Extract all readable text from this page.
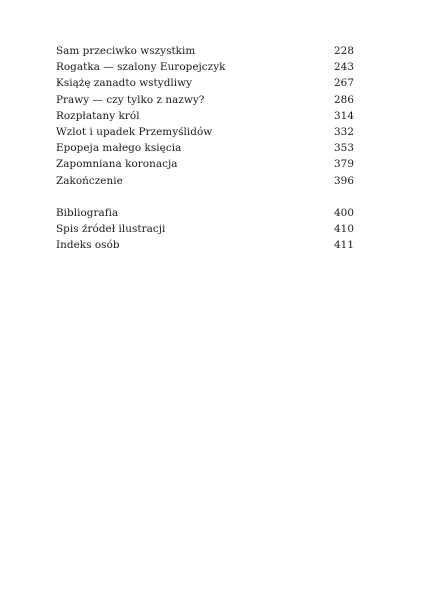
Sam przeciwko wszystkim	228
Rogatka — szalony Europejczyk	243
Książę zanadto wstydliwy	267
Prawy — czy tylko z nazwy?	286
Rozpłatany król	314
Wzlot i upadek Przemyślidów	332
Epopeja małego księcia	353
Zapomniana koronacja	379
Zakończenie	396
Bibliografia	400
Spis źródeł ilustracji	410
Indeks osób	411
